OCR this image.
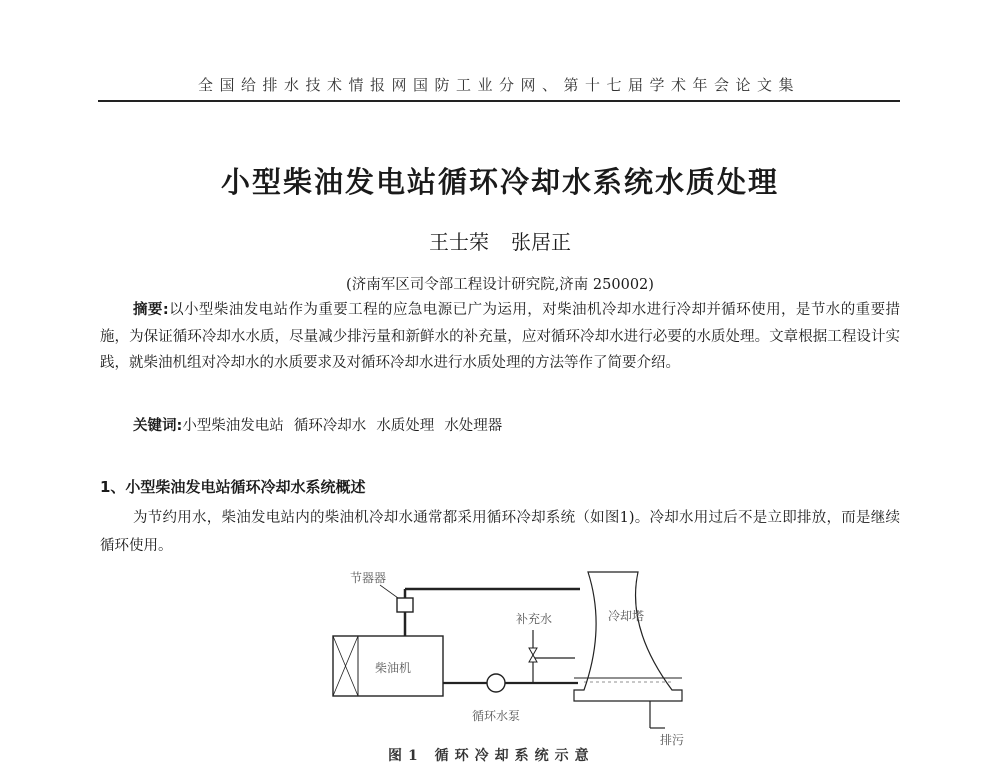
全国给排水技术情报网国防工业分网、第十七届学术年会论文集
小型柴油发电站循环冷却水系统水质处理
王士荣 张居正
(济南军区司令部工程设计研究院,济南 250002)

摘要:以小型柴油发电站作为重要工程的应急电源已广为运用，对柴油机冷却水进行冷却并循环使用，是节水的重要措施，为保证循环冷却水水质，尽量减少排污量和新鲜水的补充量，应对循环冷却水进行必要的水质处理。文章根据工程设计实践，就柴油机组对冷却水的水质要求及对循环冷却水进行水质处理的方法等作了简要介绍。

关键词:小型柴油发电站 循环冷却水 水质处理 水处理器
1、小型柴油发电站循环冷却水系统概述

为节约用水，柴油发电站内的柴油机冷却水通常都采用循环冷却系统（如图1)。冷却水用过后不是立即排放，而是继续循环使用。

节器器
补充水	冷却塔
柴油机
循环水泵
排污
图1 循环冷却系统示意
